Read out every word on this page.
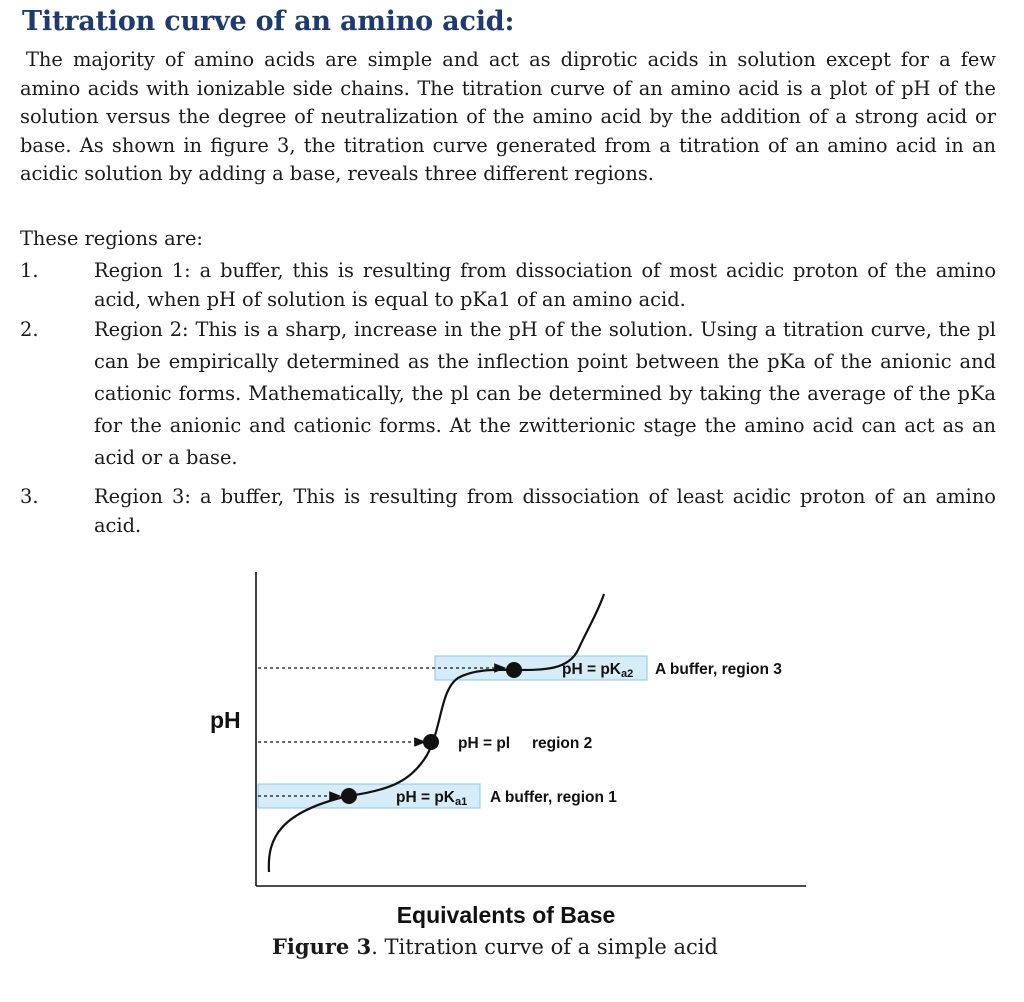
Titration curve of an amino acid:
The majority of amino acids are simple and act as diprotic acids in solution except for a few amino acids with ionizable side chains. The titration curve of an amino acid is a plot of pH of the solution versus the degree of neutralization of the amino acid by the addition of a strong acid or base. As shown in figure 3, the titration curve generated from a titration of an amino acid in an acidic solution by adding a base, reveals three different regions.
These regions are:
1.	Region 1: a buffer, this is resulting from dissociation of most acidic proton of the amino acid, when pH of solution is equal to pKa1 of an amino acid.
2.	Region 2: This is a sharp, increase in the pH of the solution. Using a titration curve, the pl can be empirically determined as the inflection point between the pKa of the anionic and cationic forms. Mathematically, the pl can be determined by taking the average of the pKa for the anionic and cationic forms. At the zwitterionic stage the amino acid can act as an acid or a base.
3.	Region 3: a buffer, This is resulting from dissociation of least acidic proton of an amino acid.
pH
pH = pKa2 A buffer, region 3
pH = pl region 2
pH = pKa1 A buffer, region 1
Equivalents of Base
Figure 3. Titration curve of a simple acid
